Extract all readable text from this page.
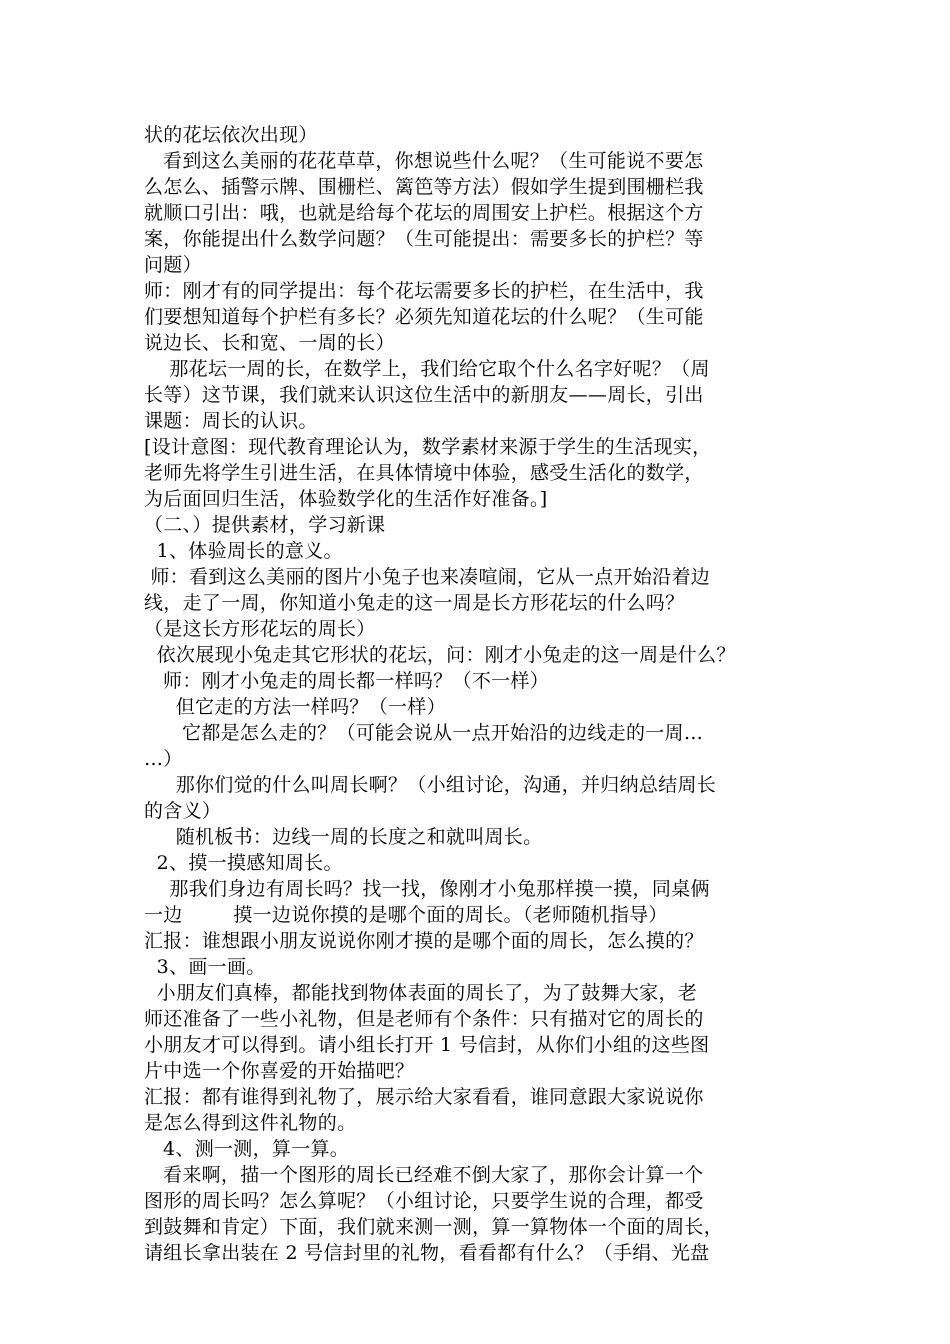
状的花坛依次出现）
看到这么美丽的花花草草，你想说些什么呢？（生可能说不要怎
么怎么、插警示牌、围栅栏、篱笆等方法）假如学生提到围栅栏我
就顺口引出：哦，也就是给每个花坛的周围安上护栏。根据这个方
案，你能提出什么数学问题？（生可能提出：需要多长的护栏？等
问题）
师：刚才有的同学提出：每个花坛需要多长的护栏，在生活中，我
们要想知道每个护栏有多长？必须先知道花坛的什么呢？（生可能
说边长、长和宽、一周的长）
那花坛一周的长，在数学上，我们给它取个什么名字好呢？（周
长等）这节课，我们就来认识这位生活中的新朋友——周长，引出
课题：周长的认识。
[设计意图：现代教育理论认为，数学素材来源于学生的生活现实，
老师先将学生引进生活，在具体情境中体验，感受生活化的数学，
为后面回归生活，体验数学化的生活作好准备。]
（二、）提供素材，学习新课
1、体验周长的意义。
师：看到这么美丽的图片小兔子也来凑喧闹，它从一点开始沿着边
线，走了一周，你知道小兔走的这一周是长方形花坛的什么吗？
（是这长方形花坛的周长）
依次展现小兔走其它形状的花坛，问：刚才小兔走的这一周是什么？
师：刚才小兔走的周长都一样吗？（不一样）
但它走的方法一样吗？（一样）
它都是怎么走的？（可能会说从一点开始沿的边线走的一周…
…）
那你们觉的什么叫周长啊？（小组讨论，沟通，并归纳总结周长
的含义）
随机板书：边线一周的长度之和就叫周长。
2、摸一摸感知周长。
那我们身边有周长吗？找一找，像刚才小兔那样摸一摸，同桌俩
一边        摸一边说你摸的是哪个面的周长。（老师随机指导）
汇报：谁想跟小朋友说说你刚才摸的是哪个面的周长，怎么摸的？
3、画一画。
小朋友们真棒，都能找到物体表面的周长了，为了鼓舞大家，老
师还准备了一些小礼物，但是老师有个条件：只有描对它的周长的
小朋友才可以得到。请小组长打开 1 号信封，从你们小组的这些图
片中选一个你喜爱的开始描吧？
汇报：都有谁得到礼物了，展示给大家看看，谁同意跟大家说说你
是怎么得到这件礼物的。
4、测一测，算一算。
看来啊，描一个图形的周长已经难不倒大家了，那你会计算一个
图形的周长吗？怎么算呢？（小组讨论，只要学生说的合理，都受
到鼓舞和肯定）下面，我们就来测一测，算一算物体一个面的周长，
请组长拿出装在 2 号信封里的礼物，看看都有什么？（手绢、光盘
